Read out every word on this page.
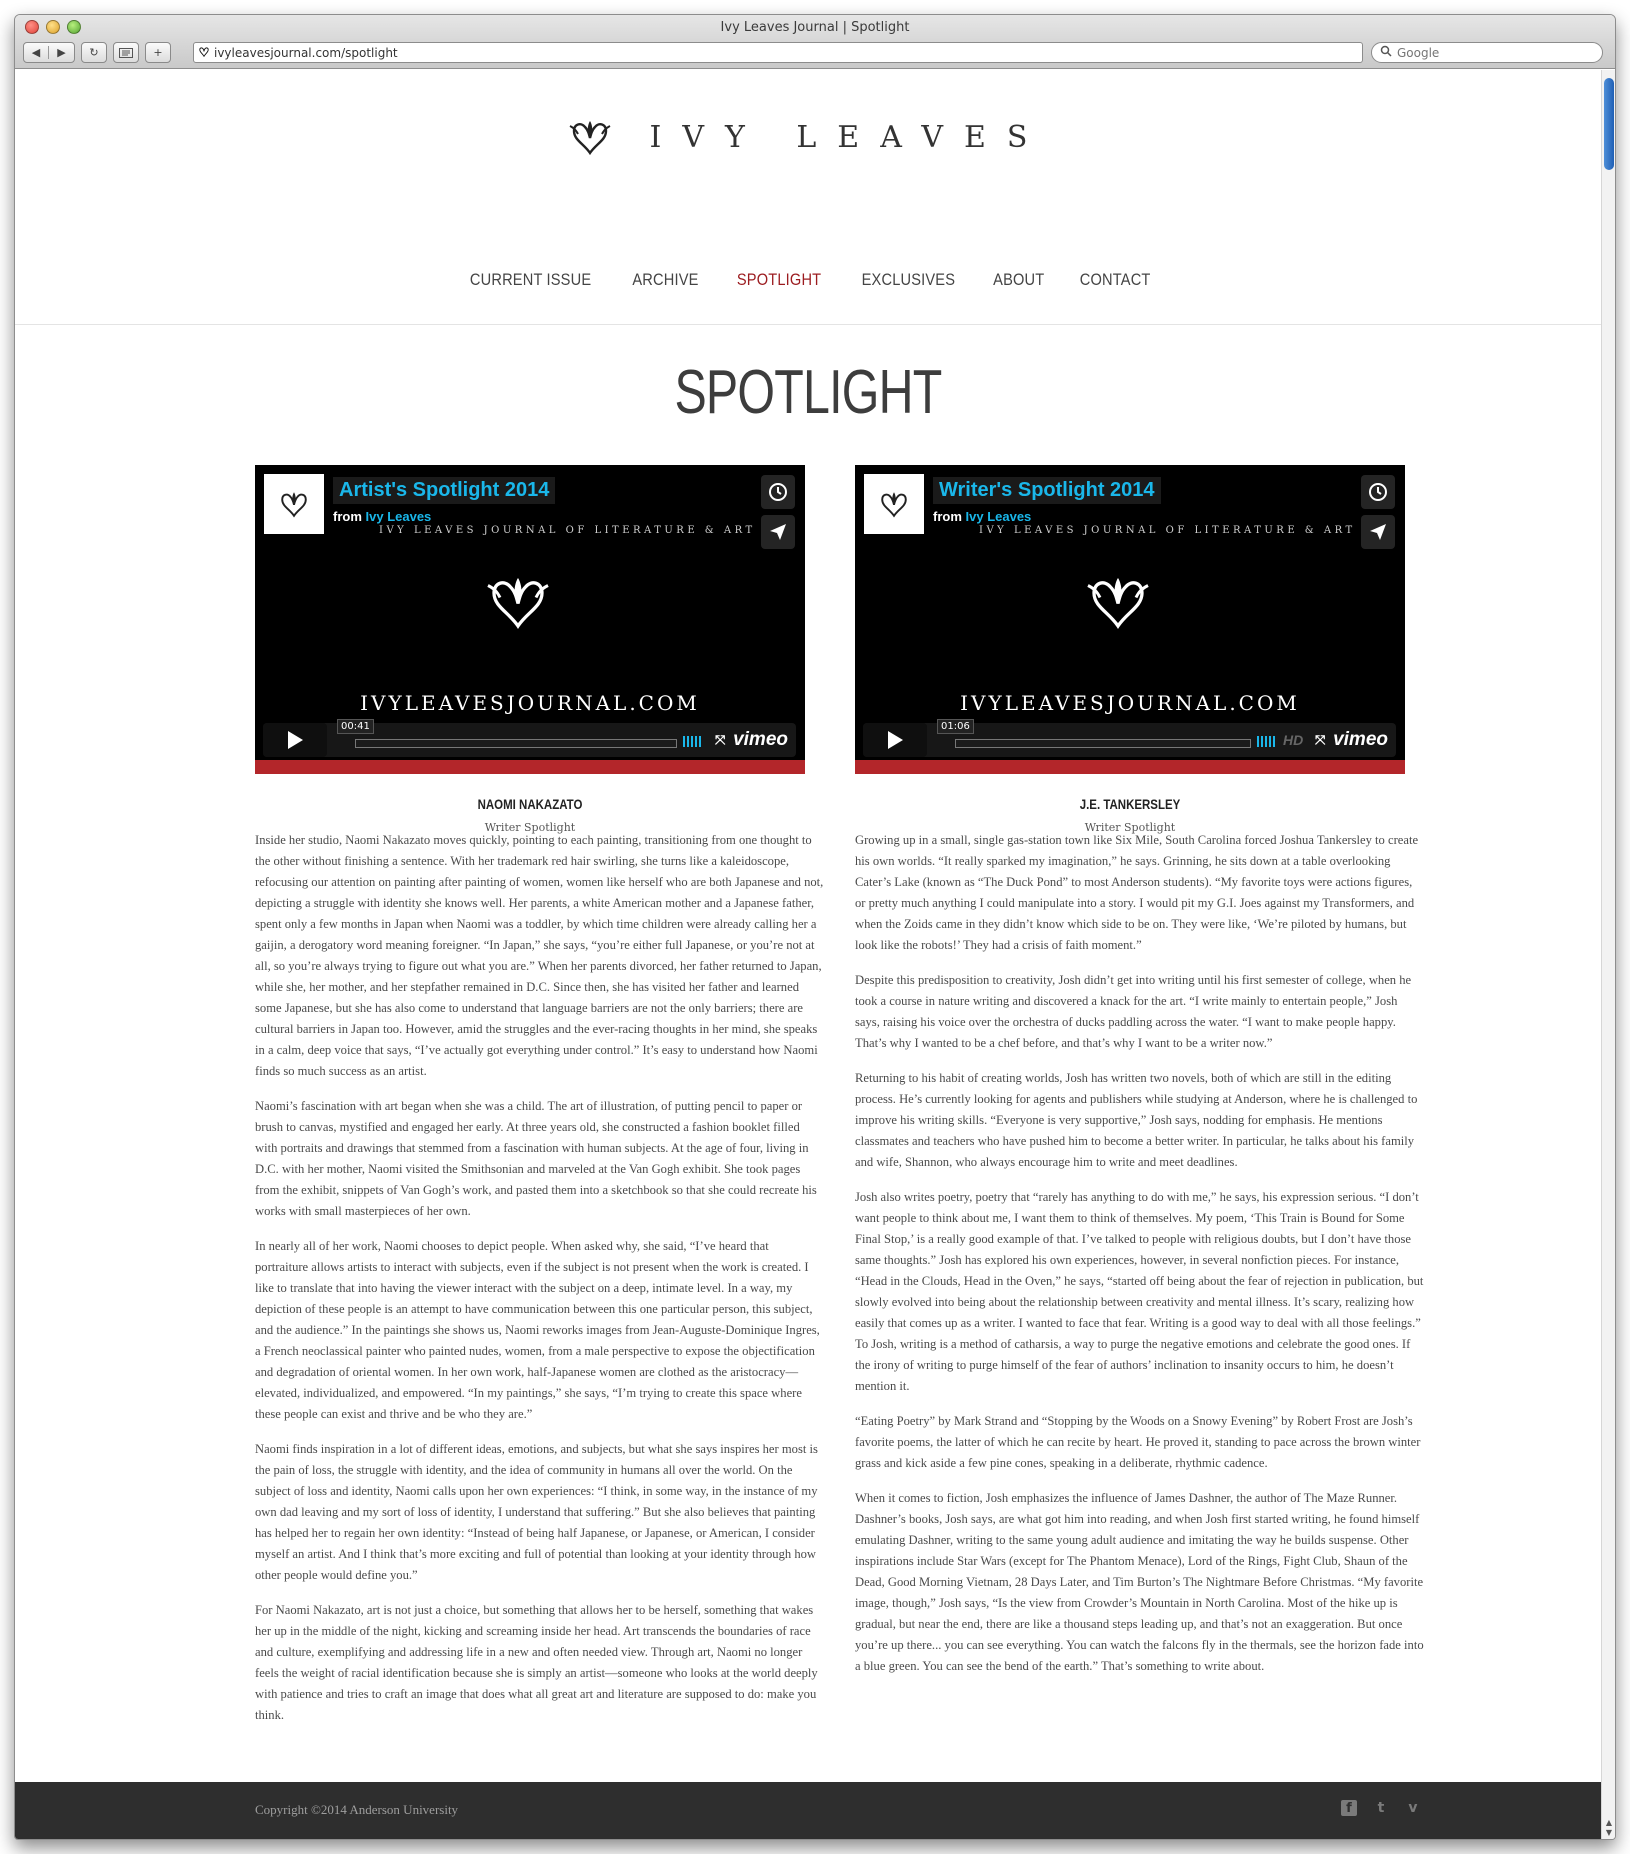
Ivy Leaves Journal | Spotlight
◀	▶	↻	+	ivyleavesjournal.com/spotlight
Google
IVY LEAVES
CURRENT ISSUE ARCHIVE SPOTLIGHT EXCLUSIVES ABOUT CONTACT
SPOTLIGHT
Artist's Spotlight 2014
from Ivy Leaves
IVY LEAVES JOURNAL OF LITERATURE & ART
IVYLEAVESJOURNAL.COM
00:41
⤧ vimeo
Writer's Spotlight 2014
from Ivy Leaves
IVY LEAVES JOURNAL OF LITERATURE & ART
IVYLEAVESJOURNAL.COM
01:06
HD ⤧ vimeo
NAOMI NAKAZATO
Writer Spotlight
J.E. TANKERSLEY
Writer Spotlight

Inside her studio, Naomi Nakazato moves quickly, pointing to each painting, transitioning from one thought to the other without finishing a sentence. With her trademark red hair swirling, she turns like a kaleidoscope, refocusing our attention on painting after painting of women, women like herself who are both Japanese and not, depicting a struggle with identity she knows well. Her parents, a white American mother and a Japanese father, spent only a few months in Japan when Naomi was a toddler, by which time children were already calling her a gaijin, a derogatory word meaning foreigner. “In Japan,” she says, “you’re either full Japanese, or you’re not at all, so you’re always trying to figure out what you are.” When her parents divorced, her father returned to Japan, while she, her mother, and her stepfather remained in D.C. Since then, she has visited her father and learned some Japanese, but she has also come to understand that language barriers are not the only barriers; there are cultural barriers in Japan too. However, amid the struggles and the ever-racing thoughts in her mind, she speaks in a calm, deep voice that says, “I’ve actually got everything under control.” It’s easy to understand how Naomi finds so much success as an artist.

Naomi’s fascination with art began when she was a child. The art of illustration, of putting pencil to paper or brush to canvas, mystified and engaged her early. At three years old, she constructed a fashion booklet filled with portraits and drawings that stemmed from a fascination with human subjects. At the age of four, living in D.C. with her mother, Naomi visited the Smithsonian and marveled at the Van Gogh exhibit. She took pages from the exhibit, snippets of Van Gogh’s work, and pasted them into a sketchbook so that she could recreate his works with small masterpieces of her own.

In nearly all of her work, Naomi chooses to depict people. When asked why, she said, “I’ve heard that portraiture allows artists to interact with subjects, even if the subject is not present when the work is created. I like to translate that into having the viewer interact with the subject on a deep, intimate level. In a way, my depiction of these people is an attempt to have communication between this one particular person, this subject, and the audience.” In the paintings she shows us, Naomi reworks images from Jean-Auguste-Dominique Ingres, a French neoclassical painter who painted nudes, women, from a male perspective to expose the objectification and degradation of oriental women. In her own work, half-Japanese women are clothed as the aristocracy—elevated, individualized, and empowered. “In my paintings,” she says, “I’m trying to create this space where these people can exist and thrive and be who they are.”

Naomi finds inspiration in a lot of different ideas, emotions, and subjects, but what she says inspires her most is the pain of loss, the struggle with identity, and the idea of community in humans all over the world. On the subject of loss and identity, Naomi calls upon her own experiences: “I think, in some way, in the instance of my own dad leaving and my sort of loss of identity, I understand that suffering.” But she also believes that painting has helped her to regain her own identity: “Instead of being half Japanese, or Japanese, or American, I consider myself an artist. And I think that’s more exciting and full of potential than looking at your identity through how other people would define you.”

For Naomi Nakazato, art is not just a choice, but something that allows her to be herself, something that wakes her up in the middle of the night, kicking and screaming inside her head. Art transcends the boundaries of race and culture, exemplifying and addressing life in a new and often needed view. Through art, Naomi no longer feels the weight of racial identification because she is simply an artist—someone who looks at the world deeply with patience and tries to craft an image that does what all great art and literature are supposed to do: make you think.

Growing up in a small, single gas-station town like Six Mile, South Carolina forced Joshua Tankersley to create his own worlds. “It really sparked my imagination,” he says. Grinning, he sits down at a table overlooking Cater’s Lake (known as “The Duck Pond” to most Anderson students). “My favorite toys were actions figures, or pretty much anything I could manipulate into a story. I would pit my G.I. Joes against my Transformers, and when the Zoids came in they didn’t know which side to be on. They were like, ‘We’re piloted by humans, but look like the robots!’ They had a crisis of faith moment.”

Despite this predisposition to creativity, Josh didn’t get into writing until his first semester of college, when he took a course in nature writing and discovered a knack for the art. “I write mainly to entertain people,” Josh says, raising his voice over the orchestra of ducks paddling across the water. “I want to make people happy. That’s why I wanted to be a chef before, and that’s why I want to be a writer now.”

Returning to his habit of creating worlds, Josh has written two novels, both of which are still in the editing process. He’s currently looking for agents and publishers while studying at Anderson, where he is challenged to improve his writing skills. “Everyone is very supportive,” Josh says, nodding for emphasis. He mentions classmates and teachers who have pushed him to become a better writer. In particular, he talks about his family and wife, Shannon, who always encourage him to write and meet deadlines.

Josh also writes poetry, poetry that “rarely has anything to do with me,” he says, his expression serious. “I don’t want people to think about me, I want them to think of themselves. My poem, ‘This Train is Bound for Some Final Stop,’ is a really good example of that. I’ve talked to people with religious doubts, but I don’t have those same thoughts.” Josh has explored his own experiences, however, in several nonfiction pieces. For instance, “Head in the Clouds, Head in the Oven,” he says, “started off being about the fear of rejection in publication, but slowly evolved into being about the relationship between creativity and mental illness. It’s scary, realizing how easily that comes up as a writer. I wanted to face that fear. Writing is a good way to deal with all those feelings.” To Josh, writing is a method of catharsis, a way to purge the negative emotions and celebrate the good ones. If the irony of writing to purge himself of the fear of authors’ inclination to insanity occurs to him, he doesn’t mention it.

“Eating Poetry” by Mark Strand and “Stopping by the Woods on a Snowy Evening” by Robert Frost are Josh’s favorite poems, the latter of which he can recite by heart. He proved it, standing to pace across the brown winter grass and kick aside a few pine cones, speaking in a deliberate, rhythmic cadence.

When it comes to fiction, Josh emphasizes the influence of James Dashner, the author of The Maze Runner. Dashner’s books, Josh says, are what got him into reading, and when Josh first started writing, he found himself emulating Dashner, writing to the same young adult audience and imitating the way he builds suspense. Other inspirations include Star Wars (except for The Phantom Menace), Lord of the Rings, Fight Club, Shaun of the Dead, Good Morning Vietnam, 28 Days Later, and Tim Burton’s The Nightmare Before Christmas. “My favorite image, though,” Josh says, “Is the view from Crowder’s Mountain in North Carolina. Most of the hike up is gradual, but near the end, there are like a thousand steps leading up, and that’s not an exaggeration. But once you’re up there... you can see everything. You can watch the falcons fly in the thermals, see the horizon fade into a blue green. You can see the bend of the earth.” That’s something to write about.

Copyright ©2014 Anderson University	f	t	v
▲
▼
